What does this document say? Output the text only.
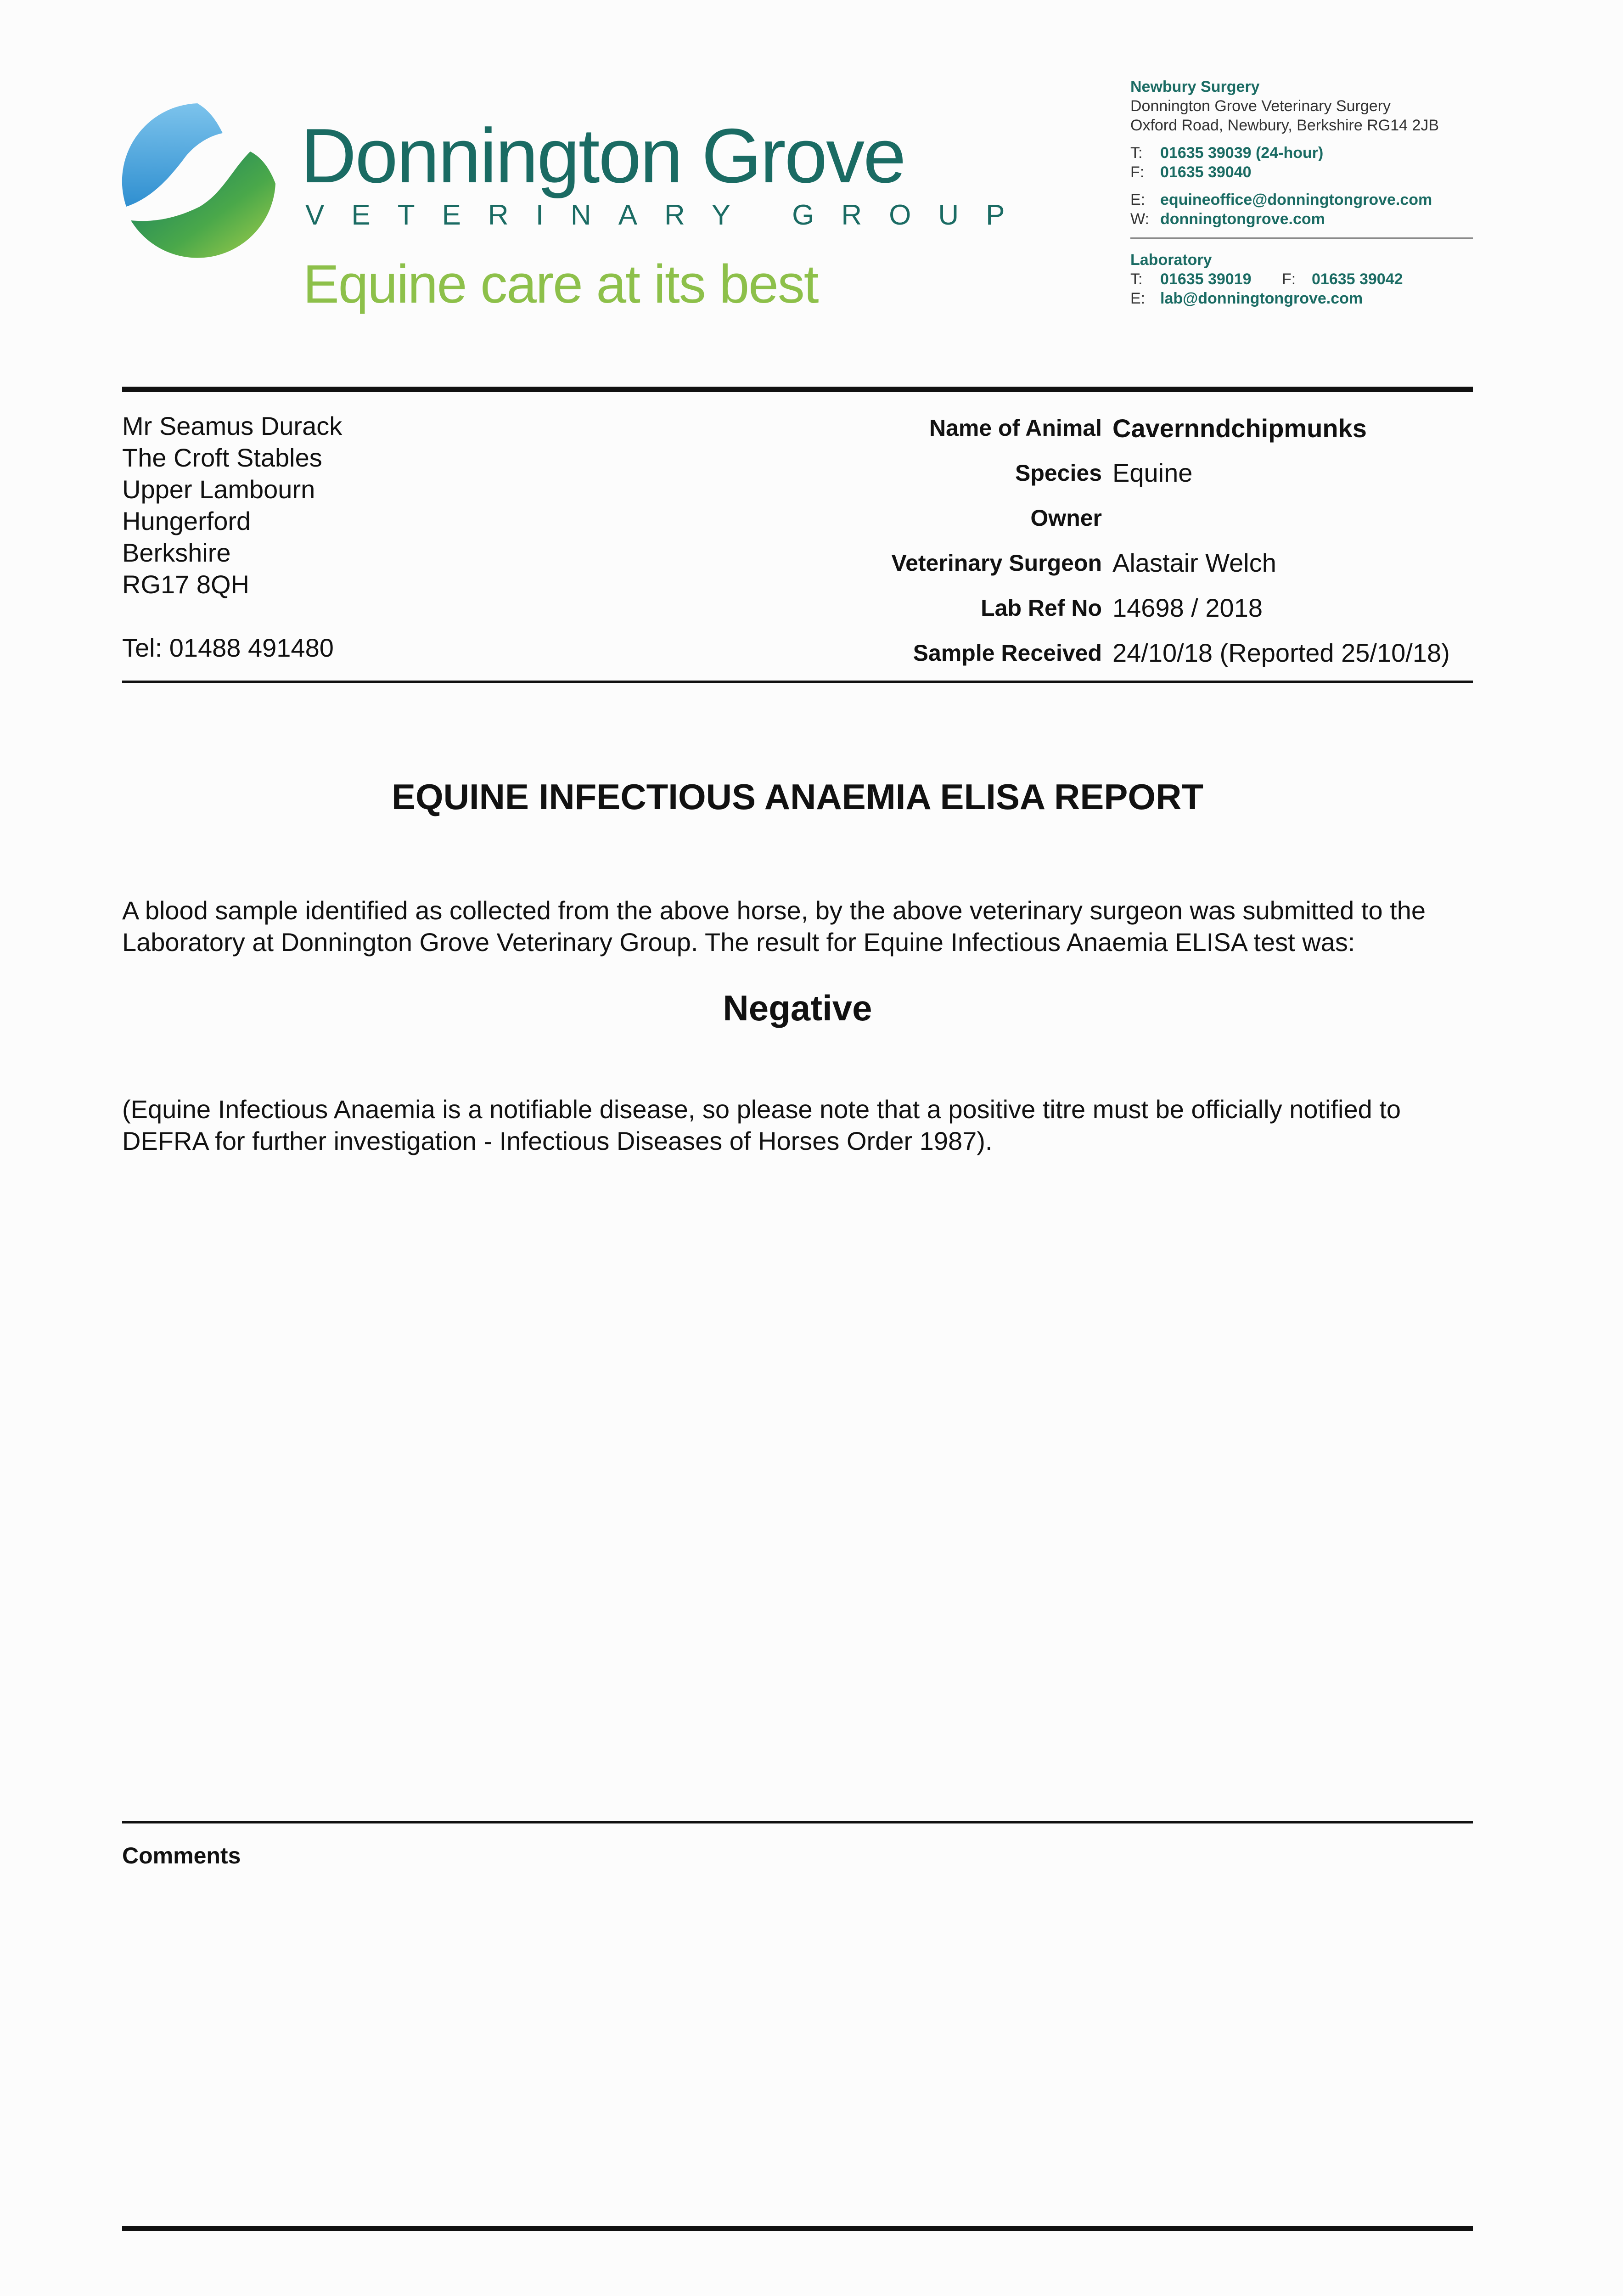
Donnington Grove
VETERINARY GROUP
Equine care at its best
Newbury Surgery
Donnington Grove Veterinary Surgery
Oxford Road, Newbury, Berkshire RG14 2JB
T: 01635 39039 (24-hour)
F: 01635 39040
E: equineoffice@donningtongrove.com
W: donningtongrove.com
Laboratory
T: 01635 39019 F: 01635 39042
E: lab@donningtongrove.com
Mr Seamus Durack
The Croft Stables
Upper Lambourn
Hungerford
Berkshire
RG17 8QH
Tel: 01488 491480
Name of Animal Cavernndchipmunks
Species Equine
Owner
Veterinary Surgeon Alastair Welch
Lab Ref No 14698 / 2018
Sample Received 24/10/18 (Reported 25/10/18)
EQUINE INFECTIOUS ANAEMIA ELISA REPORT
A blood sample identified as collected from the above horse, by the above veterinary surgeon was submitted to the Laboratory at Donnington Grove Veterinary Group. The result for Equine Infectious Anaemia ELISA test was:
Negative
(Equine Infectious Anaemia is a notifiable disease, so please note that a positive titre must be officially notified to DEFRA for further investigation - Infectious Diseases of Horses Order 1987).
Comments
